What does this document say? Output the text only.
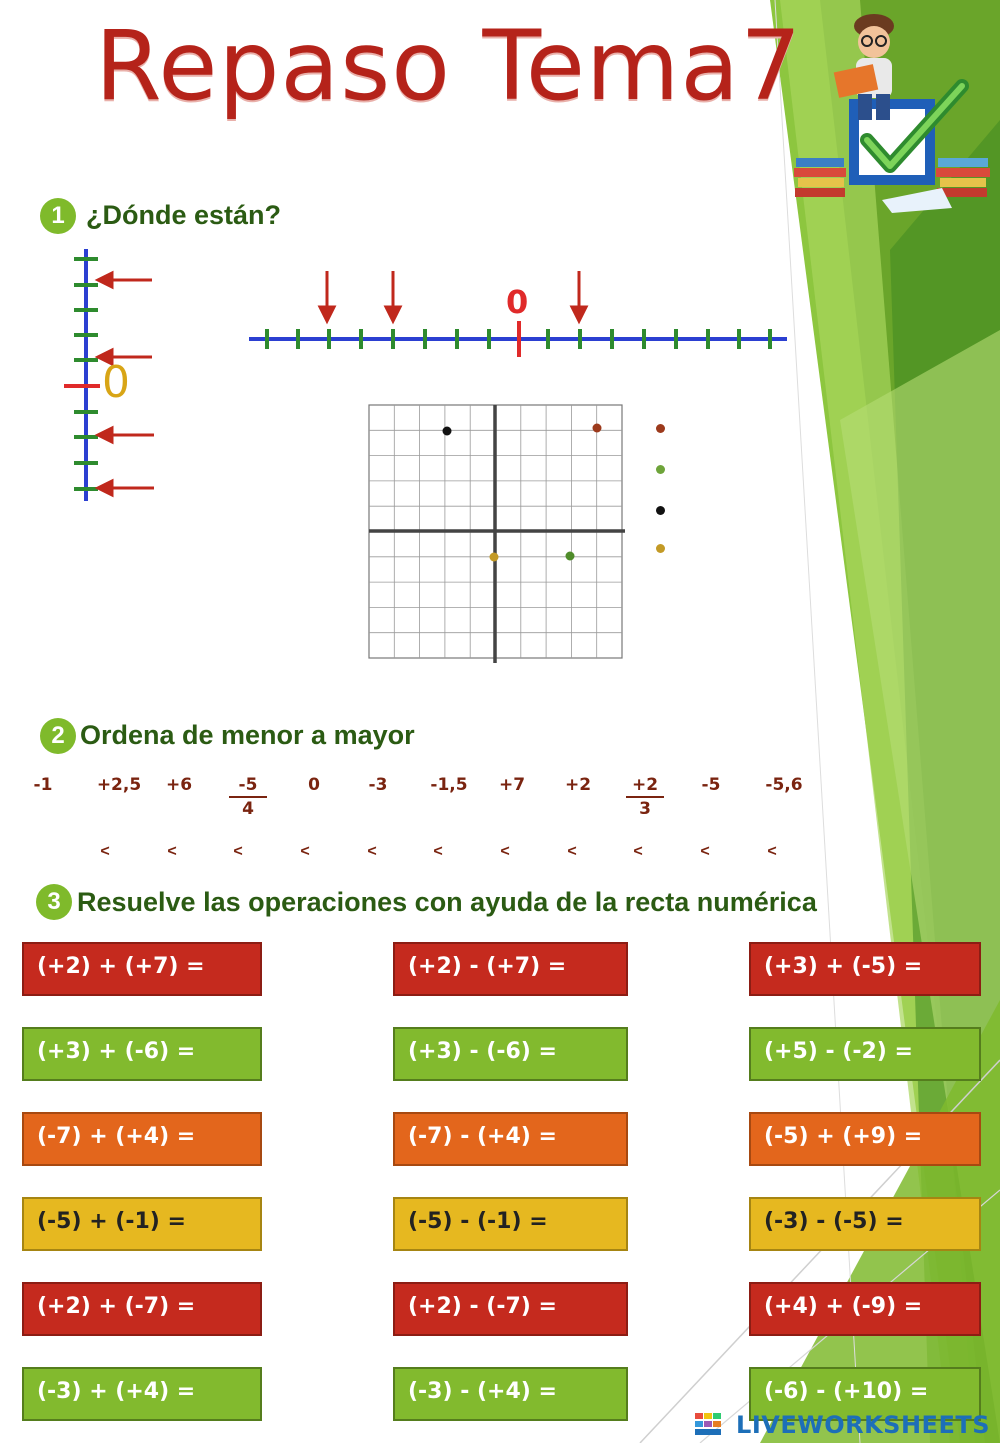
Repaso Tema7
1 ¿Dónde están?
0
0
2 Ordena de menor a mayor
-1	+2,5	+6	-5
4
0	-3	-1,5	+7	+2	+2
3
-5	-5,6
<	<	<	<	<	<	<	<	<	<	<
3 Resuelve las operaciones con ayuda de la recta numérica
(+2) + (+7) =	(+2) - (+7) =	(+3) + (-5) =
(+3) + (-6) =	(+3) - (-6) =	(+5) - (-2) =
(-7) + (+4) =	(-7) - (+4) =	(-5) + (+9) =
(-5) + (-1) =	(-5) - (-1) =	(-3) - (-5) =
(+2) + (-7) =	(+2) - (-7) =	(+4) + (-9) =
(-3) + (+4) =	(-3) - (+4) =	(-6) - (+10) =
LIVEWORKSHEETS
